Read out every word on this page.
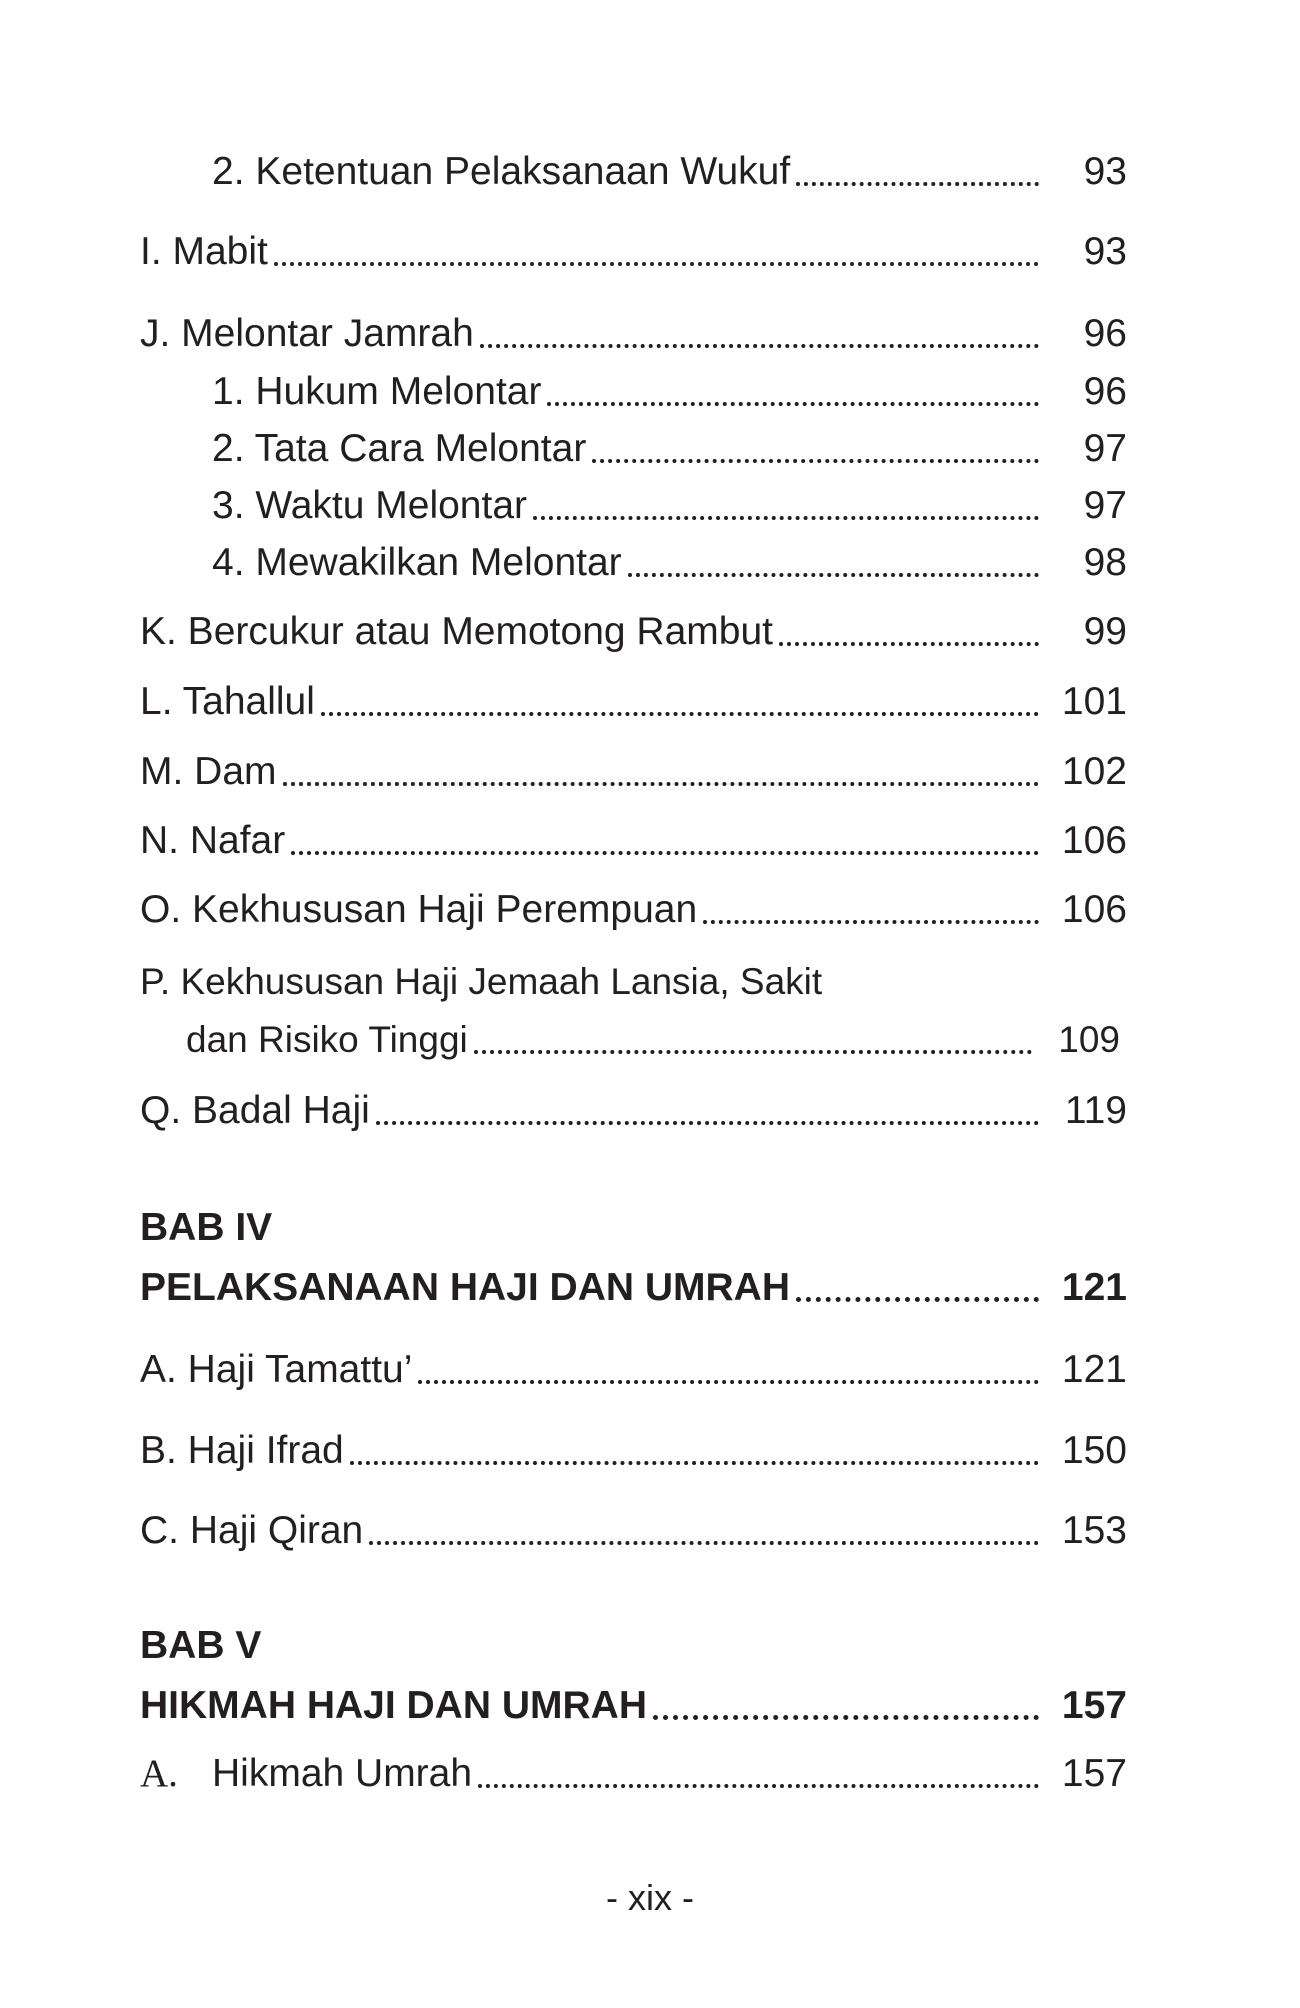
2. Ketentuan Pelaksanaan Wukuf	93
I. Mabit	93
J. Melontar Jamrah	96
1. Hukum Melontar	96
2. Tata Cara Melontar	97
3. Waktu Melontar	97
4. Mewakilkan Melontar	98
K. Bercukur atau Memotong Rambut	99
L. Tahallul	101
M. Dam	102
N. Nafar	106
O. Kekhususan Haji Perempuan	106
P. Kekhususan Haji Jemaah Lansia, Sakit
dan Risiko Tinggi	109
Q. Badal Haji	119
BAB IV
PELAKSANAAN HAJI DAN UMRAH	121
A. Haji Tamattu’	121
B. Haji Ifrad	150
C. Haji Qiran	153
BAB V
HIKMAH HAJI DAN UMRAH	157
A. Hikmah Umrah	157
- xix -
